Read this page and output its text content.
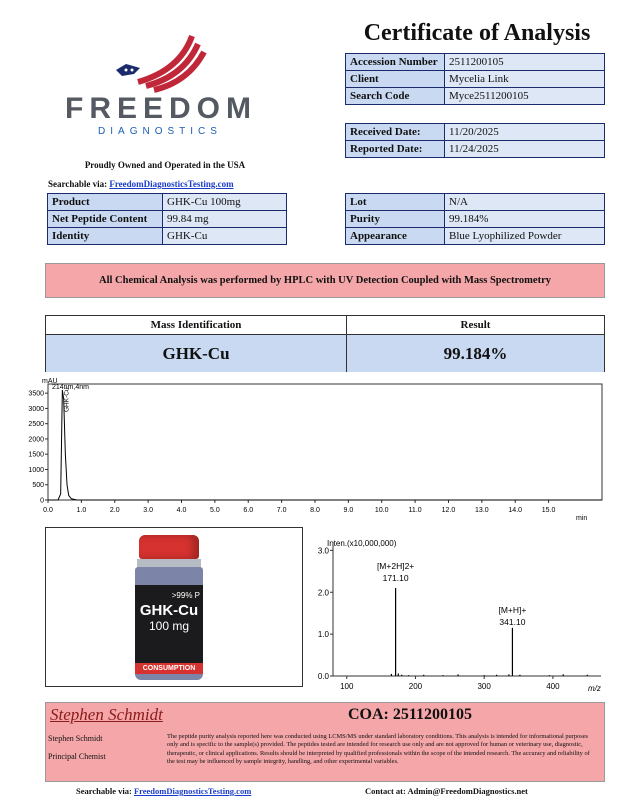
Certificate of Analysis
FREEDOM
DIAGNOSTICS
Proudly Owned and Operated in the USA
Searchable via: FreedomDiagnosticsTesting.com
Accession Number	2511200105
Client	Mycelia Link
Search Code	Myce2511200105
Received Date:	11/20/2025
Reported Date:	11/24/2025
Product	GHK-Cu 100mg
Net Peptide Content	99.84 mg
Identity	GHK-Cu
Lot	N/A
Purity	99.184%
Appearance	Blue Lyophilized Powder
All Chemical Analysis was performed by HPLC with UV Detection Coupled with Mass Spectrometry
Mass Identification	Result
GHK-Cu	99.184%
mAU
214nm,4nm
min
GHK-Cu
0.0	1.0	2.0	3.0	4.0	5.0	6.0	7.0	8.0	9.0	10.0	11.0	12.0	13.0	14.0	15.0
0
500
1000
1500
2000
2500
3000
3500
>99% P
GHK-Cu
100 mg
CONSUMPTION
Inten.(x10,000,000)
m/z
100	200	300	400
0.0
1.0
2.0
3.0
[M+2H]2+
171.10
[M+H]+
341.10
Stephen Schmidt	COA: 2511200105
Stephen Schmidt
Principal Chemist
The peptide purity analysis reported here was conducted using LCMS/MS under standard laboratory conditions. This analysis is intended for informational purposes only and is specific to the sample(s) provided. The peptides tested are intended for research use only and are not approved for human or veterinary use, diagnostic, therapeutic, or clinical applications. Results should be interpreted by qualified professionals within the scope of the intended research. The accuracy and reliability of the test may be influenced by sample integrity, handling, and other experimental variables.
Searchable via: FreedomDiagnosticsTesting.com	Contact at: Admin@FreedomDiagnostics.net
